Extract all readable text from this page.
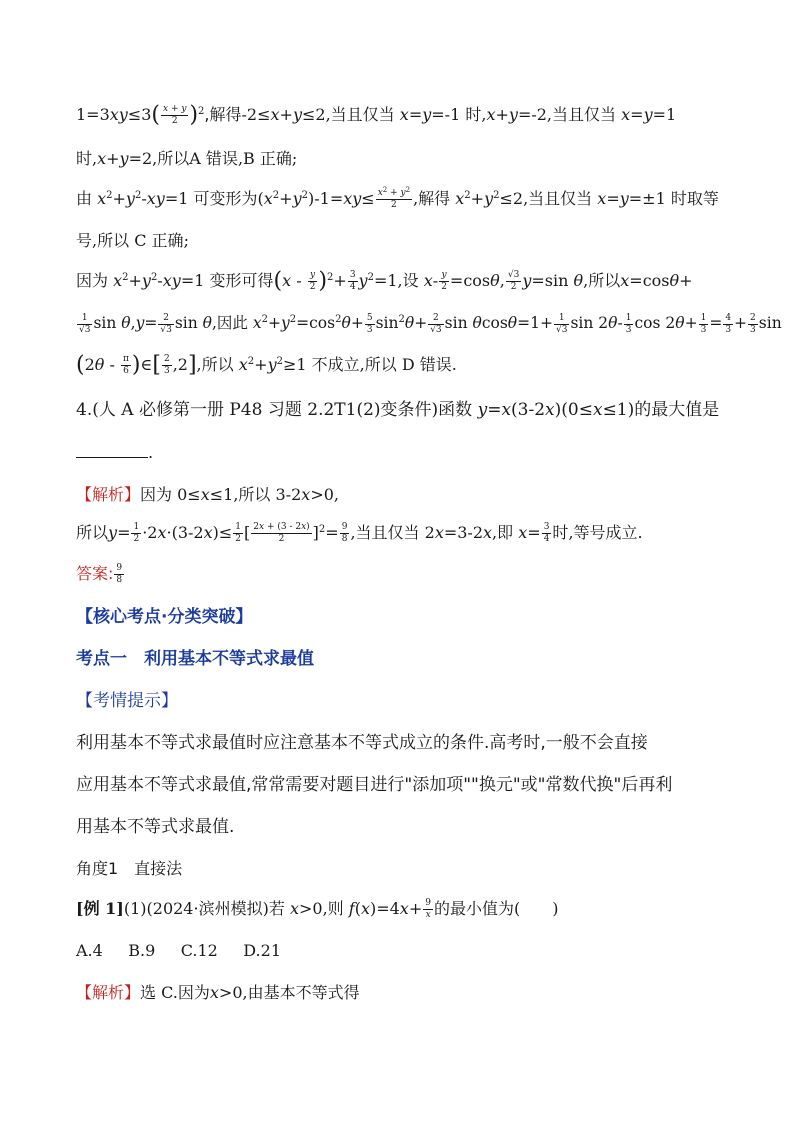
$1=3xy\le 3( \frac{x + y}{2} )^2$,解得-2≤x+y≤2,当且仅当 x=y=-1 时,x+y=-2,当且仅当 x=y=1
时,x+y=2,所以A 错误,B 正确;
由 $x^2+y^2-xy=1$ 可变形为$(x^2+y^2)-1=xy\le \frac{x^2 + y^2}{2}$ ,解得 $x^2+y^2\le 2$,当且仅当 x=y=±1 时取等
号,所以 C 正确;
因为 $x^2+y^2-xy=1$ 变形可得$(x - \frac{y}{2} )^2+ \frac{3}{4} y^2=1$,设 $x- \frac{y}{2} =\cos\theta$, $\frac{√3}{2} y=\sin$ θ,所以x=cosθ+
$\frac{1}{√3}$ $\sin \theta,y= \frac{2}{√3}$ sin θ,因此 $x^2+y^2=\cos^2\theta+ \frac{5}{3} \sin^2\theta+ \frac{2}{√3}$ $\sin \theta\cos\theta=1+ \frac{1}{√3}$ $\sin 2\theta- \frac{1}{3}$ $\cos 2\theta+ \frac{1}{3} = \frac{4}{3} + \frac{2}{3}$ sin
($2\theta - \frac{\pi}{6}$ )∈[ $\frac{2}{3} ,2$],所以 $x^2+y^2\ge 1$ 不成立,所以 D 错误.
4.(人 A 必修第一册 P48 习题 2.2T1(2)变条件)函数 y=x(3-2x)(0≤x≤1)的最大值是
.
【解析】因为 0≤x≤1,所以 3-2x>0,
所以$y= \frac{1}{2} \cdot 2x\cdot(3-2x)\le \frac{1}{2}$ [ $\frac{2x + (3 - 2x)}{2} ]^2= \frac{9}{8}$ ,当且仅当 2x=3-2x,即 $x= \frac{3}{4}$ 时,等号成立.
答案: $\frac{9}{8}$
【核心考点·分类突破】
考点一　利用基本不等式求最值
【考情提示】
利用基本不等式求最值时应注意基本不等式成立的条件.高考时,一般不会直接
应用基本不等式求最值,常常需要对题目进行"添加项""换元"或"常数代换"后再利
用基本不等式求最值.
角度1　直接法
[例 1](1)(2024·滨州模拟)若 x>0,则 $f(x)=4x+ \frac{9}{x}$ 的最小值为(　　)
A.4 B.9 C.12 D.21
【解析】选 C.因为x>0,由基本不等式得
